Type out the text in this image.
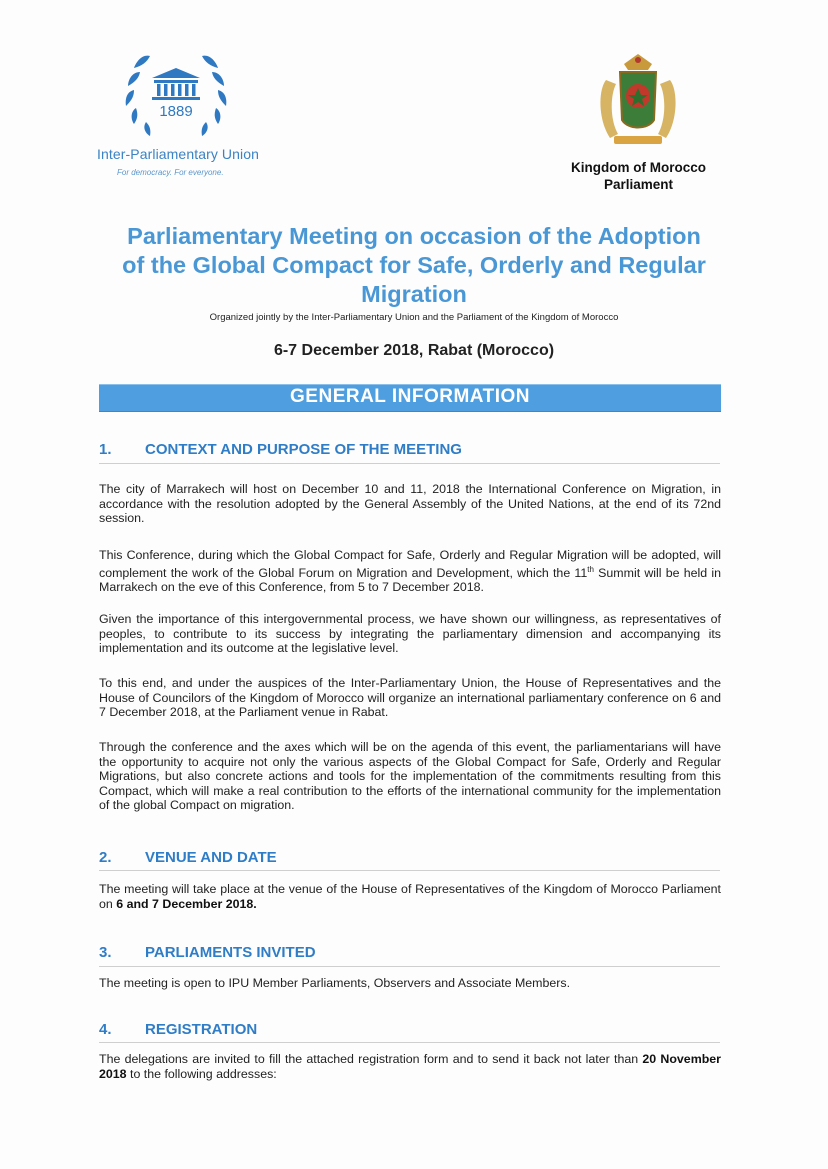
1889
Inter-Parliamentary Union
For democracy. For everyone.	Kingdom of Morocco
Parliament
Parliamentary Meeting on occasion of the Adoption
of the Global Compact for Safe, Orderly and Regular
Migration
Organized jointly by the Inter-Parliamentary Union and the Parliament of the Kingdom of Morocco
6-7 December 2018, Rabat (Morocco)
GENERAL INFORMATION
1. CONTEXT AND PURPOSE OF THE MEETING
The city of Marrakech will host on December 10 and 11, 2018 the International Conference on Migration, in accordance with the resolution adopted by the General Assembly of the United Nations, at the end of its 72nd session.
This Conference, during which the Global Compact for Safe, Orderly and Regular Migration will be adopted, will complement the work of the Global Forum on Migration and Development, which the 11th Summit will be held in Marrakech on the eve of this Conference, from 5 to 7 December 2018.
Given the importance of this intergovernmental process, we have shown our willingness, as representatives of peoples, to contribute to its success by integrating the parliamentary dimension and accompanying its implementation and its outcome at the legislative level.
To this end, and under the auspices of the Inter-Parliamentary Union, the House of Representatives and the House of Councilors of the Kingdom of Morocco will organize an international parliamentary conference on 6 and 7 December 2018, at the Parliament venue in Rabat.
Through the conference and the axes which will be on the agenda of this event, the parliamentarians will have the opportunity to acquire not only the various aspects of the Global Compact for Safe, Orderly and Regular Migrations, but also concrete actions and tools for the implementation of the commitments resulting from this Compact, which will make a real contribution to the efforts of the international community for the implementation of the global Compact on migration.
2. VENUE AND DATE
The meeting will take place at the venue of the House of Representatives of the Kingdom of Morocco Parliament on 6 and 7 December 2018.
3. PARLIAMENTS INVITED
The meeting is open to IPU Member Parliaments, Observers and Associate Members.
4. REGISTRATION
The delegations are invited to fill the attached registration form and to send it back not later than 20 November 2018 to the following addresses:
